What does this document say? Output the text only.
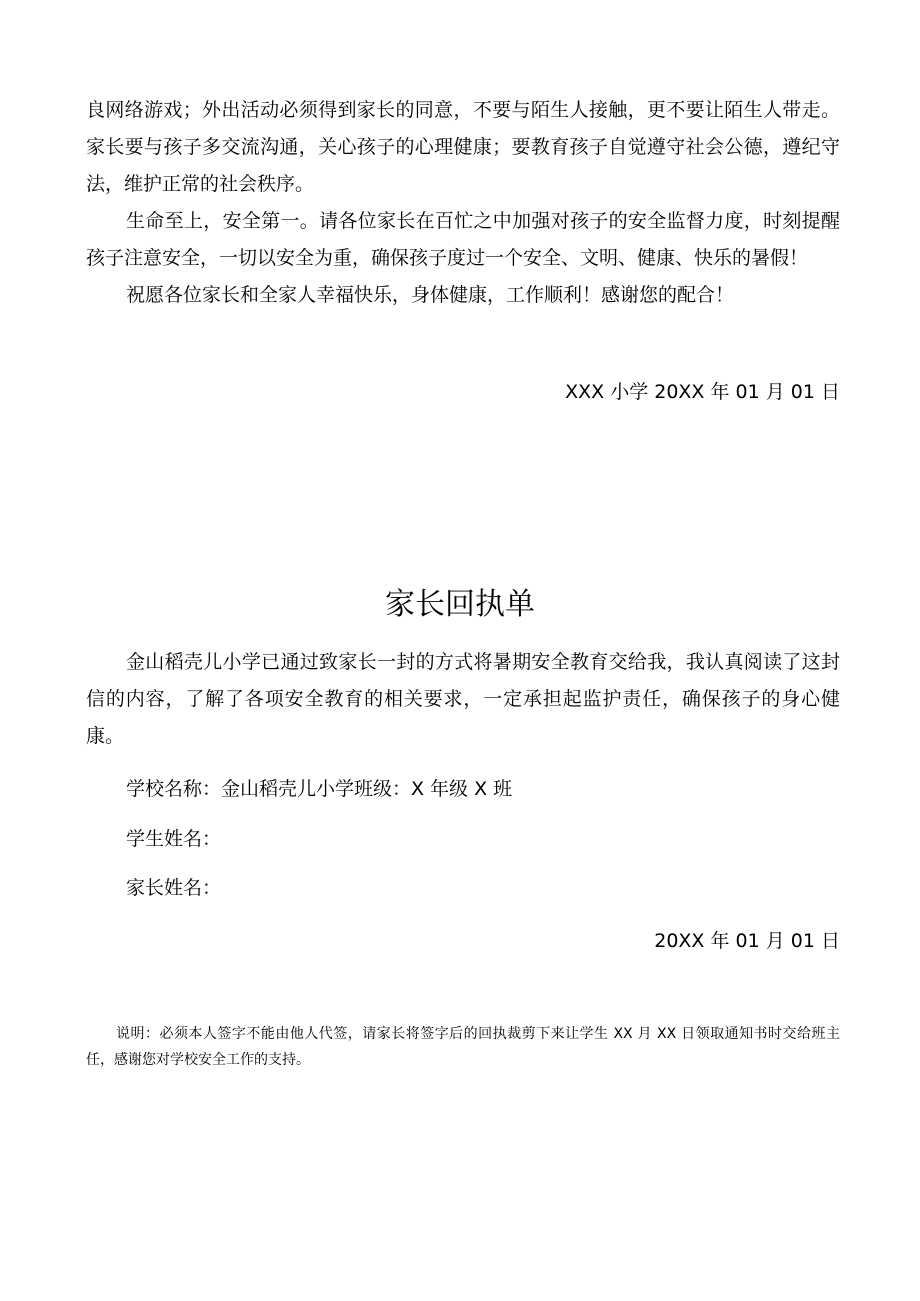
良网络游戏；外出活动必须得到家长的同意，不要与陌生人接触，更不要让陌生人带走。家长要与孩子多交流沟通，关心孩子的心理健康；要教育孩子自觉遵守社会公德，遵纪守法，维护正常的社会秩序。

生命至上，安全第一。请各位家长在百忙之中加强对孩子的安全监督力度，时刻提醒孩子注意安全，一切以安全为重，确保孩子度过一个安全、文明、健康、快乐的暑假！

祝愿各位家长和全家人幸福快乐，身体健康，工作顺利！感谢您的配合！

XXX 小学 20XX 年 01 月 01 日

家长回执单

金山稻壳儿小学已通过致家长一封的方式将暑期安全教育交给我，我认真阅读了这封信的内容，了解了各项安全教育的相关要求，一定承担起监护责任，确保孩子的身心健康。

学校名称：金山稻壳儿小学班级：X 年级 X 班

学生姓名：

家长姓名：

20XX 年 01 月 01 日

说明：必须本人签字不能由他人代签，请家长将签字后的回执裁剪下来让学生 XX 月 XX 日领取通知书时交给班主任，感谢您对学校安全工作的支持。
